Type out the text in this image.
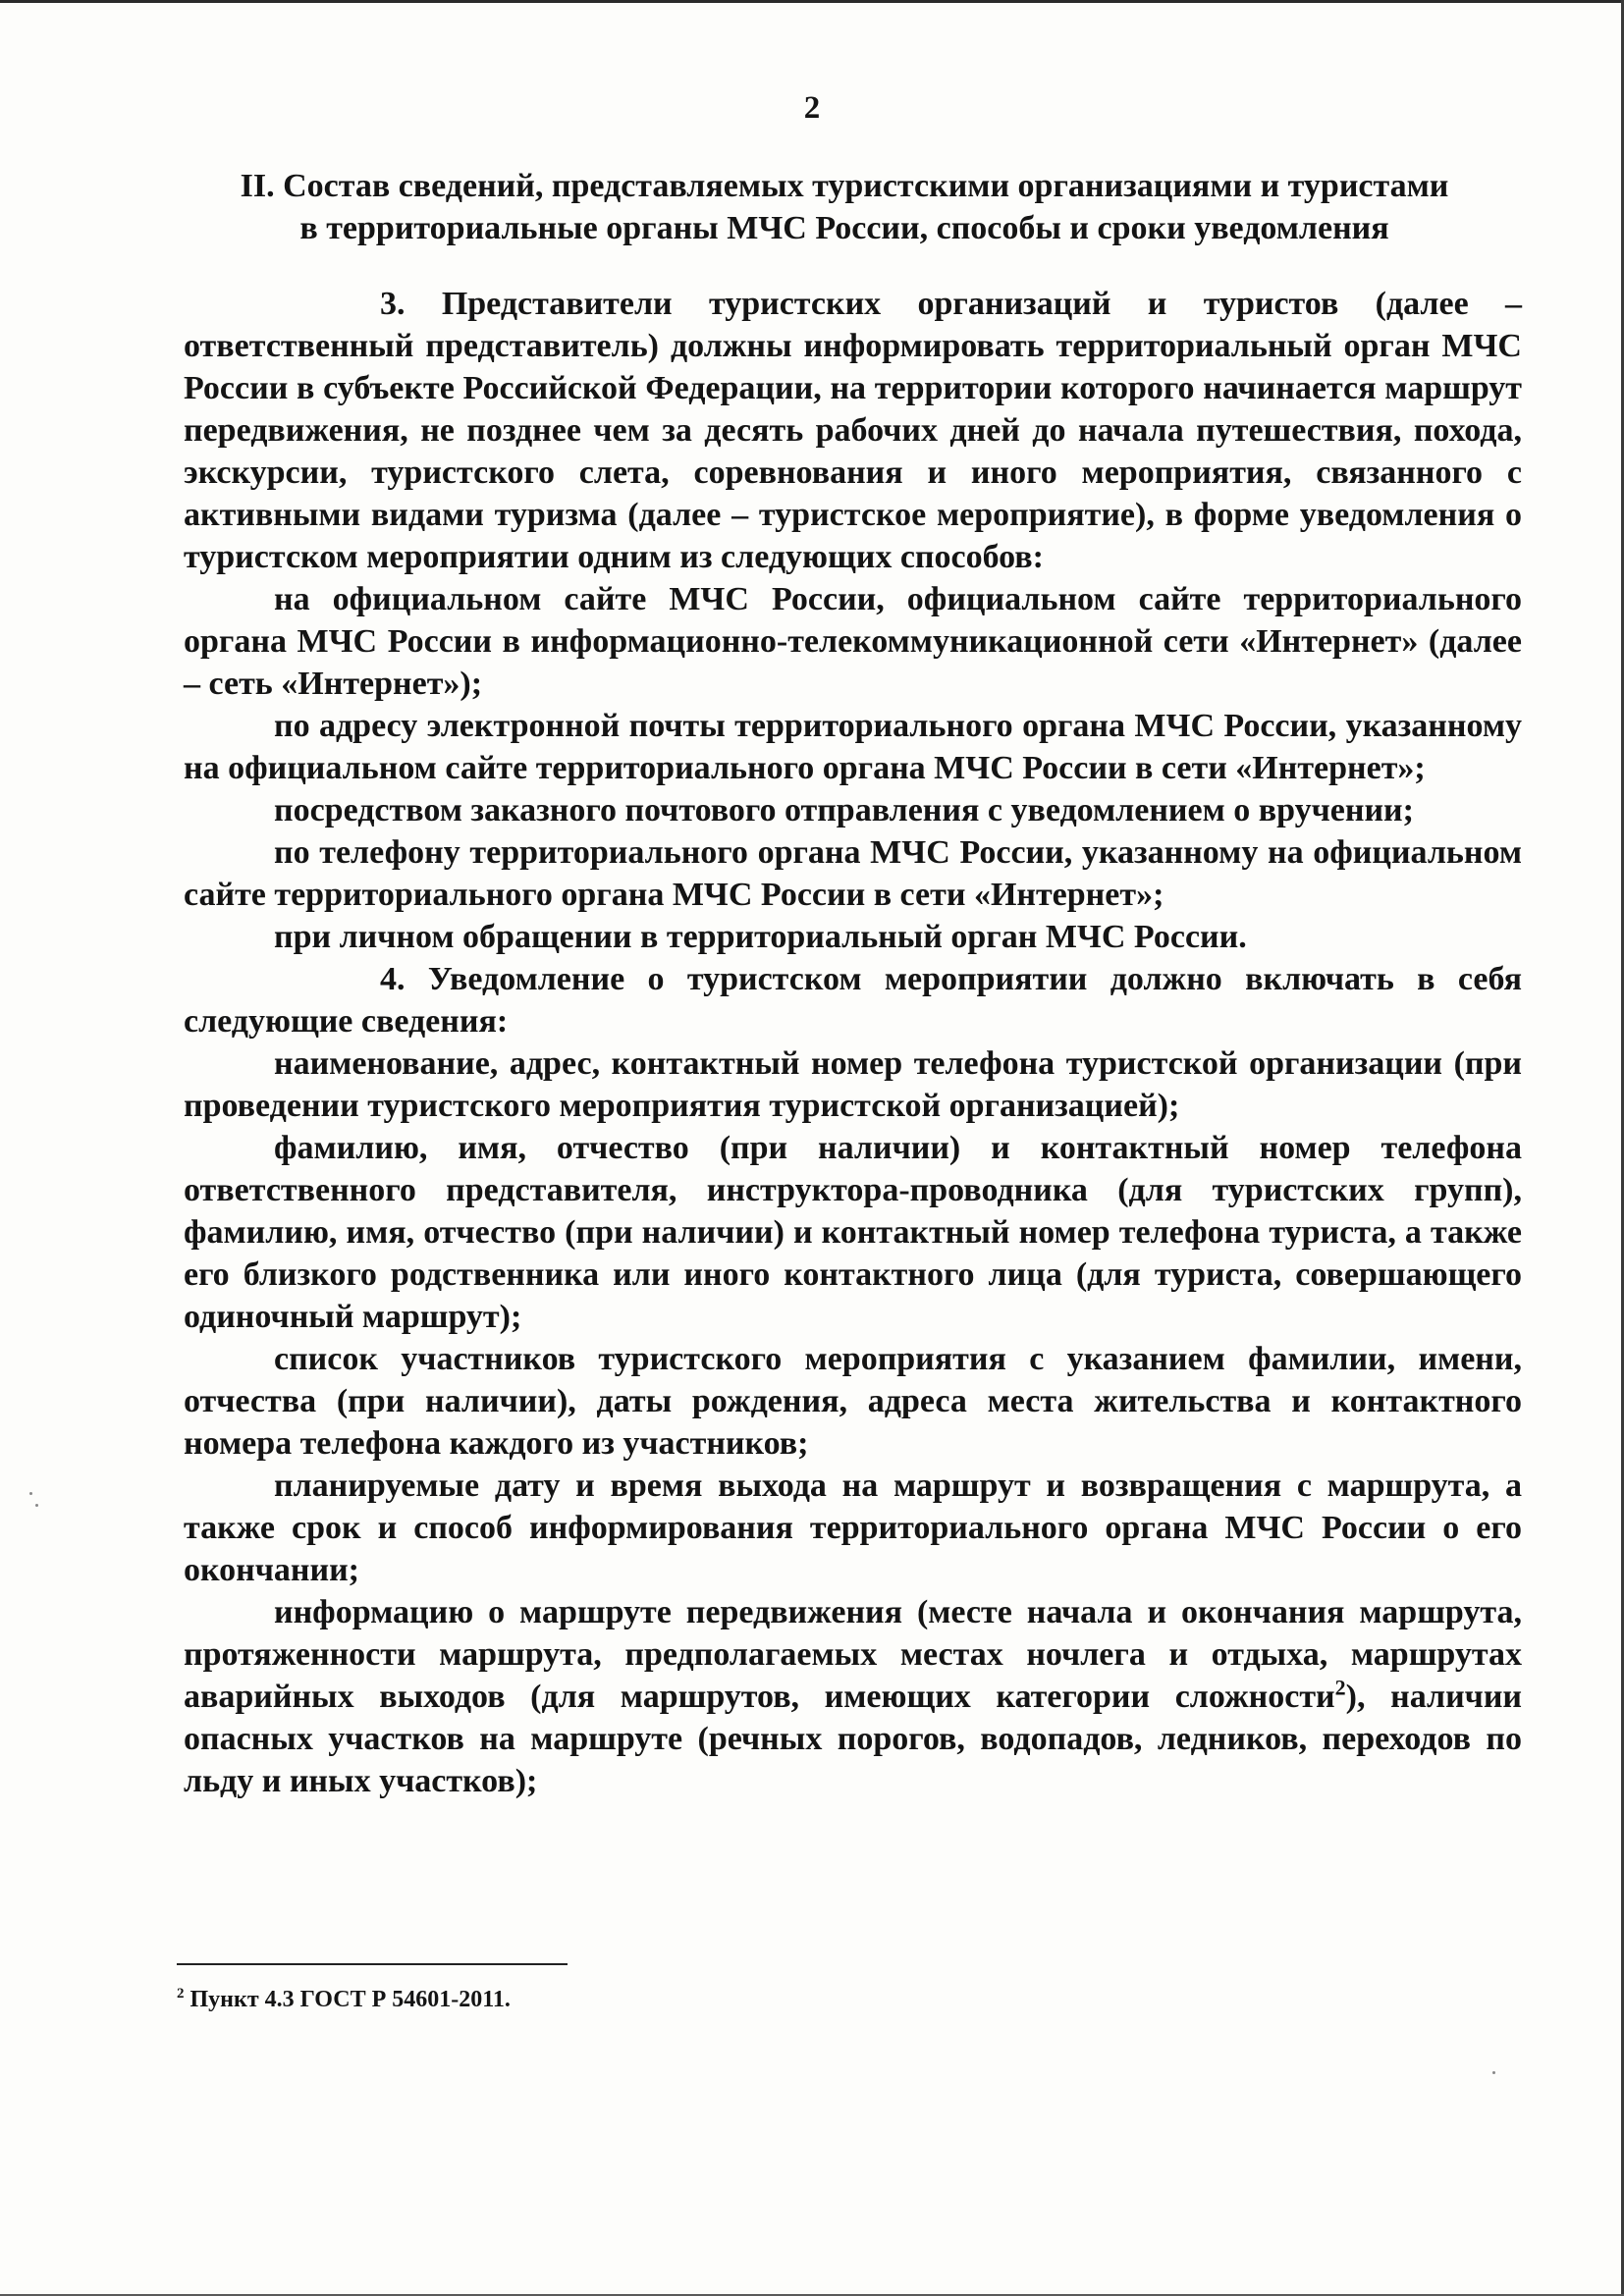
2
II. Состав сведений, представляемых туристскими организациями и туристами
в территориальные органы МЧС России, способы и сроки уведомления

3. Представители туристских организаций и туристов (далее – ответственный представитель) должны информировать территориальный орган МЧС России в субъекте Российской Федерации, на территории которого начинается маршрут передвижения, не позднее чем за десять рабочих дней до начала путешествия, похода, экскурсии, туристского слета, соревнования и иного мероприятия, связанного с активными видами туризма (далее – туристское мероприятие), в форме уведомления о туристском мероприятии одним из следующих способов:

на официальном сайте МЧС России, официальном сайте территориального органа МЧС России в информационно-телекоммуникационной сети «Интернет» (далее – сеть «Интернет»);

по адресу электронной почты территориального органа МЧС России, указанному на официальном сайте территориального органа МЧС России в сети «Интернет»;

посредством заказного почтового отправления с уведомлением о вручении;

по телефону территориального органа МЧС России, указанному на официальном сайте территориального органа МЧС России в сети «Интернет»;

при личном обращении в территориальный орган МЧС России.

4. Уведомление о туристском мероприятии должно включать в себя следующие сведения:

наименование, адрес, контактный номер телефона туристской организации (при проведении туристского мероприятия туристской организацией);

фамилию, имя, отчество (при наличии) и контактный номер телефона ответственного представителя, инструктора-проводника (для туристских групп), фамилию, имя, отчество (при наличии) и контактный номер телефона туриста, а также его близкого родственника или иного контактного лица (для туриста, совершающего одиночный маршрут);

список участников туристского мероприятия с указанием фамилии, имени, отчества (при наличии), даты рождения, адреса места жительства и контактного номера телефона каждого из участников;

планируемые дату и время выхода на маршрут и возвращения с маршрута, а также срок и способ информирования территориального органа МЧС России о его окончании;

информацию о маршруте передвижения (месте начала и окончания маршрута, протяженности маршрута, предполагаемых местах ночлега и отдыха, маршрутах аварийных выходов (для маршрутов, имеющих категории сложности$^2$), наличии опасных участков на маршруте (речных порогов, водопадов, ледников, переходов по льду и иных участков);

$^2$ Пункт 4.3 ГОСТ Р 54601-2011.
